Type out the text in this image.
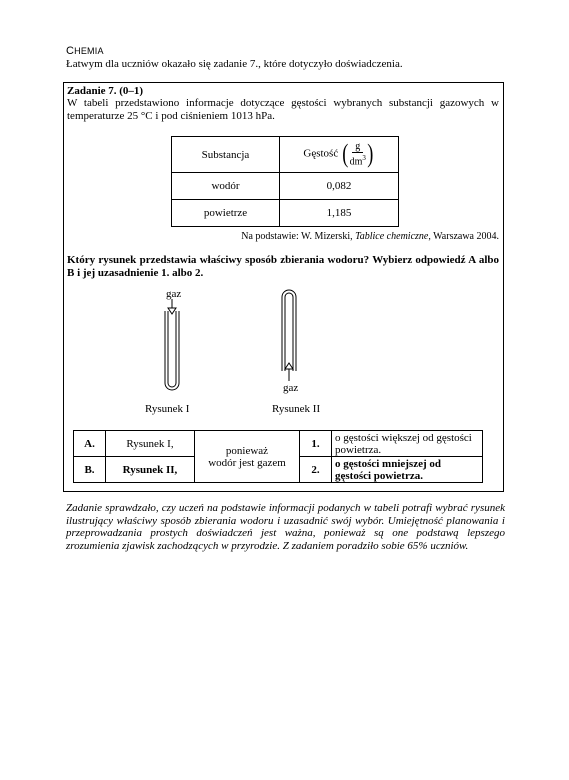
CHEMIA
Łatwym dla uczniów okazało się zadanie 7., które dotyczyło doświadczenia.
Zadanie 7. (0–1)
W tabeli przedstawiono informacje dotyczące gęstości wybranych substancji gazowych w temperaturze 25 °C i pod ciśnieniem 1013 hPa.
Substancja	Gęstość ( $\frac{g}{dm^3}$ )

wodór	0,082
powietrze	1,185
Na podstawie: W. Mizerski, Tablice chemiczne, Warszawa 2004.
Który rysunek przedstawia właściwy sposób zbierania wodoru? Wybierz odpowiedź A albo B i jej uzasadnienie 1. albo 2.
gaz
Rysunek I
gaz
Rysunek II
A.	Rysunek I,	ponieważ
wodór jest gazem	1.	o gęstości większej od gęstości powietrza.
B.	Rysunek II,		2.	o gęstości mniejszej od gęstości powietrza.
Zadanie sprawdzało, czy uczeń na podstawie informacji podanych w tabeli potrafi wybrać rysunek ilustrujący właściwy sposób zbierania wodoru i uzasadnić swój wybór. Umiejętność planowania i przeprowadzania prostych doświadczeń jest ważna, ponieważ są one podstawą lepszego zrozumienia zjawisk zachodzących w przyrodzie. Z zadaniem poradziło sobie 65% uczniów.
